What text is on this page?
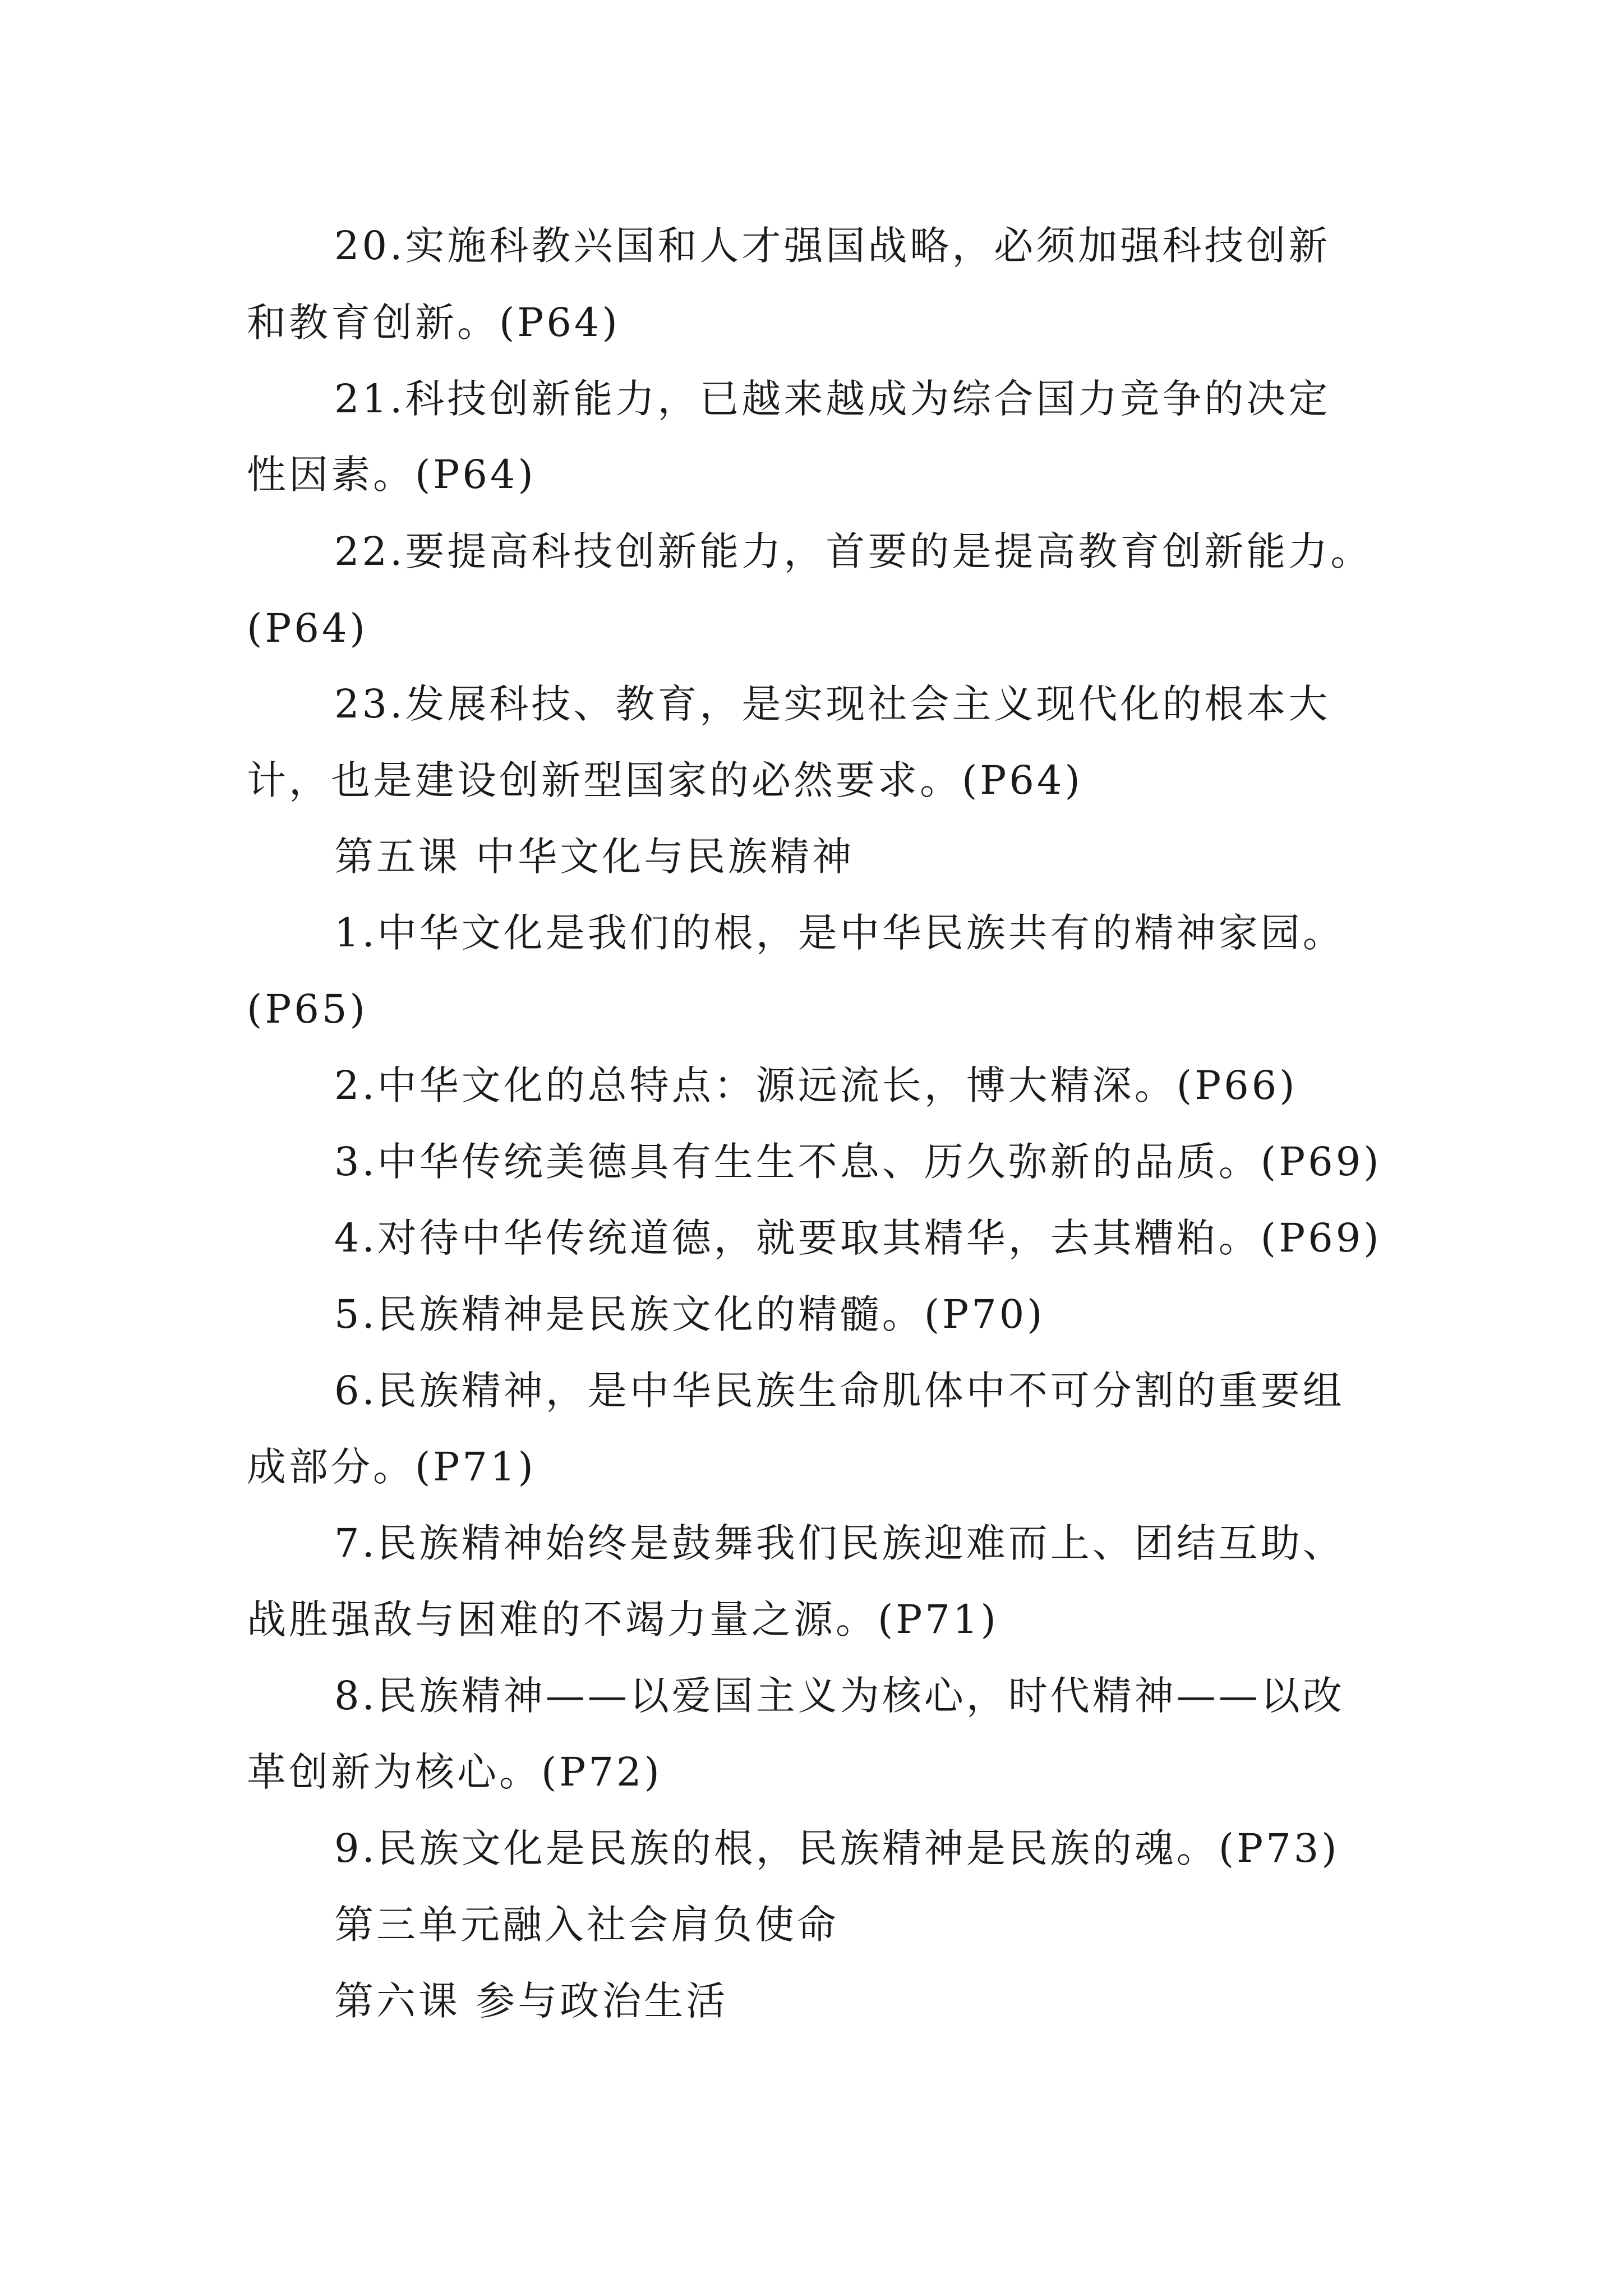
20.实施科教兴国和人才强国战略，必须加强科技创新
和教育创新。(P64)
21.科技创新能力，已越来越成为综合国力竞争的决定
性因素。(P64)
22.要提高科技创新能力，首要的是提高教育创新能力。
(P64)
23.发展科技、教育，是实现社会主义现代化的根本大
计，也是建设创新型国家的必然要求。(P64)
第五课 中华文化与民族精神
1.中华文化是我们的根，是中华民族共有的精神家园。
(P65)
2.中华文化的总特点：源远流长，博大精深。(P66)
3.中华传统美德具有生生不息、历久弥新的品质。(P69)
4.对待中华传统道德，就要取其精华，去其糟粕。(P69)
5.民族精神是民族文化的精髓。(P70)
6.民族精神，是中华民族生命肌体中不可分割的重要组
成部分。(P71)
7.民族精神始终是鼓舞我们民族迎难而上、团结互助、
战胜强敌与困难的不竭力量之源。(P71)
8.民族精神——以爱国主义为核心，时代精神——以改
革创新为核心。(P72)
9.民族文化是民族的根，民族精神是民族的魂。(P73)
第三单元融入社会肩负使命
第六课 参与政治生活
